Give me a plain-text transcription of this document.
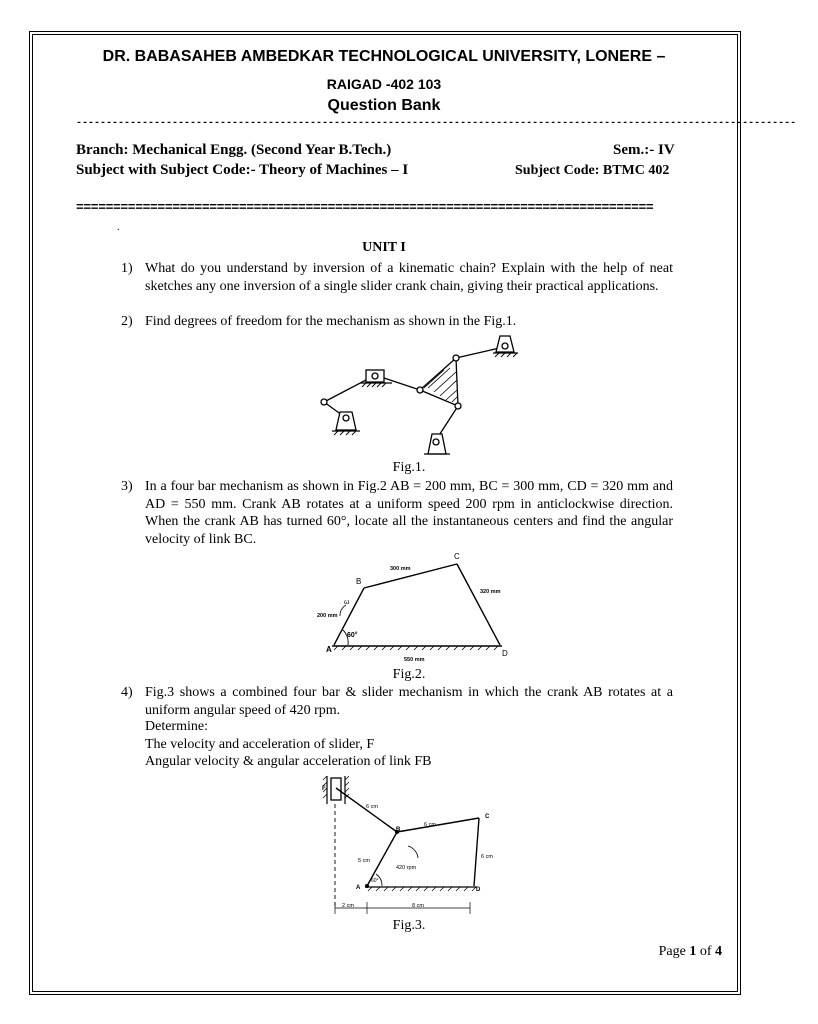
DR. BABASAHEB AMBEDKAR TECHNOLOGICAL UNIVERSITY, LONERE –
RAIGAD -402 103
Question Bank
------------------------------------------------------------------------------------------------------------------------
Branch: Mechanical Engg. (Second Year B.Tech.)	Sem.:- IV
Subject with Subject Code:- Theory of Machines – I	Subject Code: BTMC 402
==============================================================================
.
UNIT I
1) What do you understand by inversion of a kinematic chain? Explain with the help of neat sketches any one inversion of a single slider crank chain, giving their practical applications.
2) Find degrees of freedom for the mechanism as shown in the Fig.1.
Fig.1.
3) In a four bar mechanism as shown in Fig.2 AB = 200 mm, BC = 300 mm, CD = 320 mm and AD = 550 mm. Crank AB rotates at a uniform speed 200 rpm in anticlockwise direction. When the crank AB has turned 60°, locate all the instantaneous centers and find the angular velocity of link BC.
A
B
C
D
300 mm
320 mm
200 mm
550 mm
60°
ω
Fig.2.
4) Fig.3 shows a combined four bar & slider mechanism in which the crank AB rotates at a uniform angular speed of 420 rpm.
Determine:
The velocity and acceleration of slider, F
Angular velocity & angular acceleration of link FB
F
B
C
D
A
6 cm
6 cm
6 cm
5 cm
420 rpm
60°
2 cm	8 cm
Fig.3.
Page 1 of 4
